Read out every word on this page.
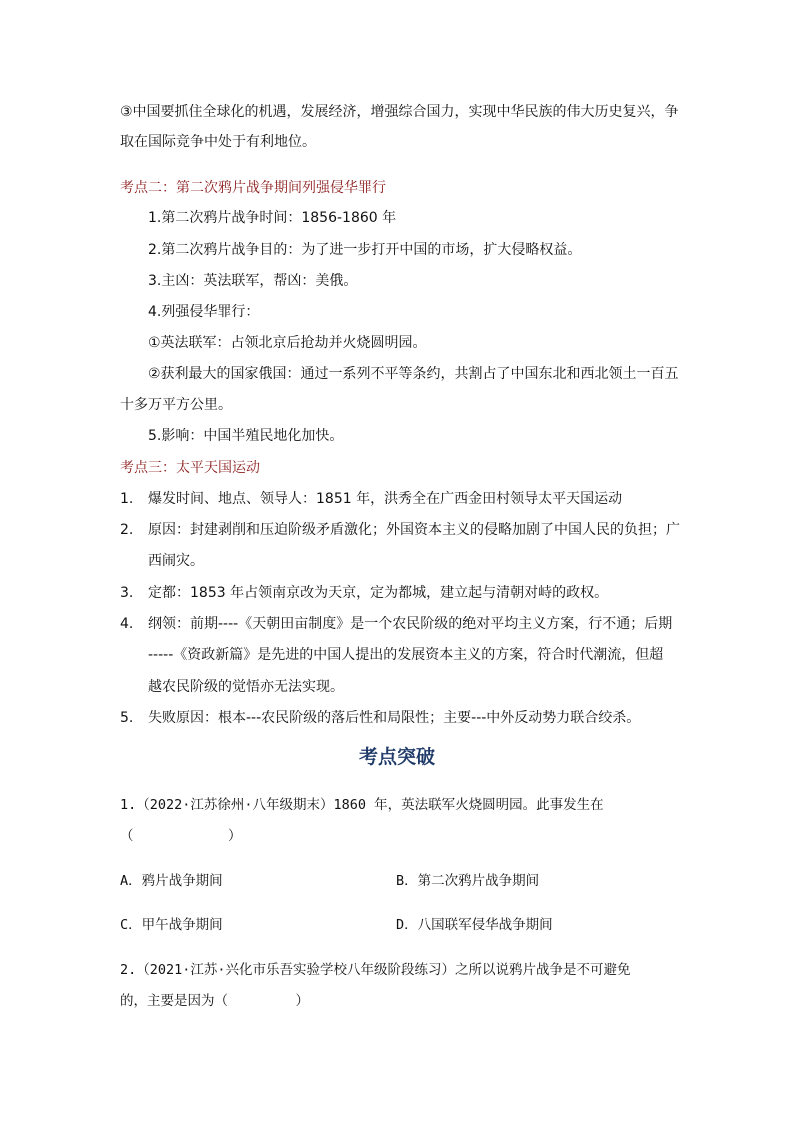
③中国要抓住全球化的机遇，发展经济，增强综合国力，实现中华民族的伟大历史复兴，争
取在国际竞争中处于有利地位。
考点二：第二次鸦片战争期间列强侵华罪行
1.第二次鸦片战争时间：1856-1860 年
2.第二次鸦片战争目的：为了进一步打开中国的市场，扩大侵略权益。
3.主凶：英法联军，帮凶：美俄。
4.列强侵华罪行：
①英法联军：占领北京后抢劫并火烧圆明园。
②获利最大的国家俄国：通过一系列不平等条约，共割占了中国东北和西北领土一百五
十多万平方公里。
5.影响：中国半殖民地化加快。
考点三：太平天国运动
1. 爆发时间、地点、领导人：1851 年，洪秀全在广西金田村领导太平天国运动
2. 原因：封建剥削和压迫阶级矛盾激化；外国资本主义的侵略加剧了中国人民的负担；广
西闹灾。
3. 定都：1853 年占领南京改为天京，定为都城，建立起与清朝对峙的政权。
4. 纲领：前期----《天朝田亩制度》是一个农民阶级的绝对平均主义方案，行不通；后期
-----《资政新篇》是先进的中国人提出的发展资本主义的方案，符合时代潮流，但超
越农民阶级的觉悟亦无法实现。
5. 失败原因：根本---农民阶级的落后性和局限性；主要---中外反动势力联合绞杀。
考点突破
1.（2022·江苏徐州·八年级期末）1860 年，英法联军火烧圆明园。此事发生在
（　　　　　　　）
A．鸦片战争期间	B．第二次鸦片战争期间
C．甲午战争期间	D．八国联军侵华战争期间
2.（2021·江苏·兴化市乐吾实验学校八年级阶段练习）之所以说鸦片战争是不可避免
的，主要是因为（　　　　　）
